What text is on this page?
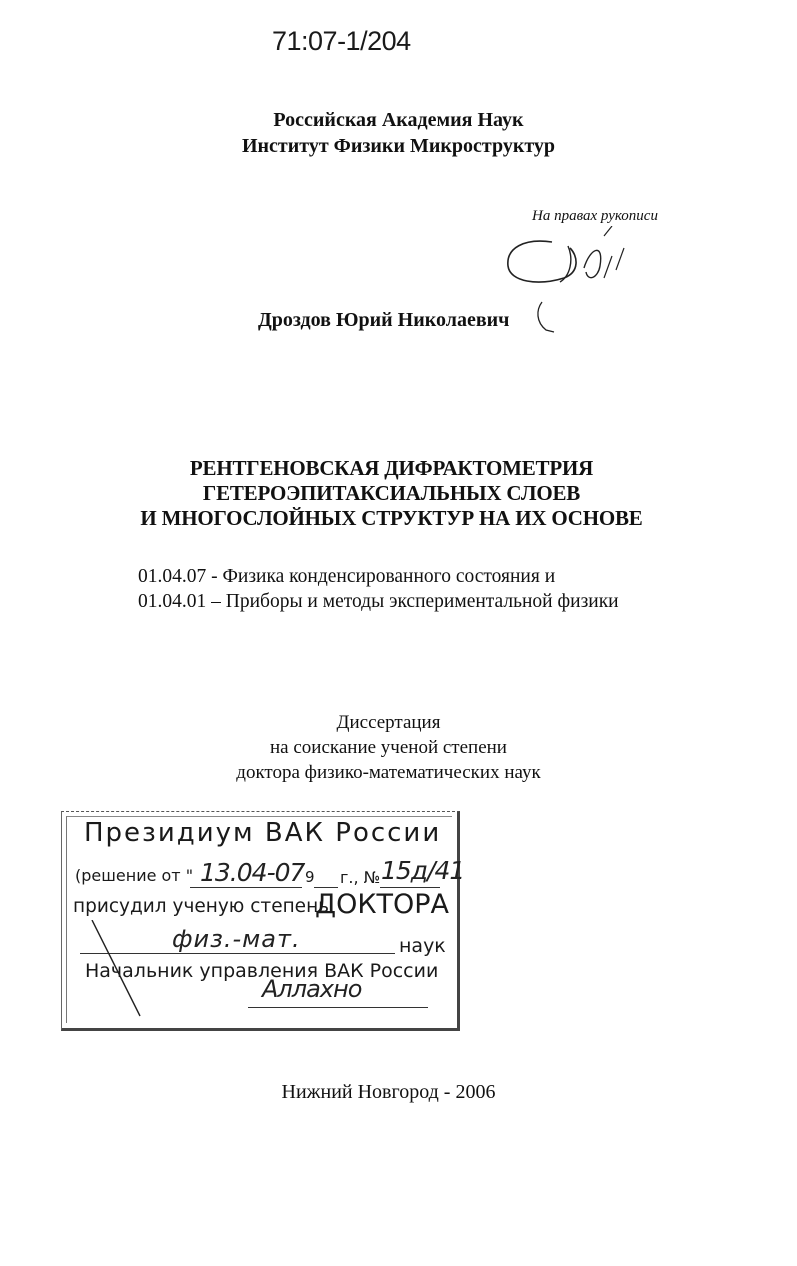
71:07-1/204
Российская Академия Наук
Институт Физики Микроструктур
На правах рукописи
Дроздов Юрий Николаевич
РЕНТГЕНОВСКАЯ ДИФРАКТОМЕТРИЯ
ГЕТЕРОЭПИТАКСИАЛЬНЫХ СЛОЕВ
И МНОГОСЛОЙНЫХ СТРУКТУР НА ИХ ОСНОВЕ
01.04.07 - Физика конденсированного состояния и
01.04.01 – Приборы и методы экспериментальной физики
Диссертация
на соискание ученой степени
доктора физико-математических наук
Президиум ВАК России
(решение от " 13.04-07 9 г., № 15д/41
присудил ученую степень
ДОКТОРА
физ.-мат.	наук
Начальник управления ВАК России
Аллахно
Нижний Новгород - 2006
